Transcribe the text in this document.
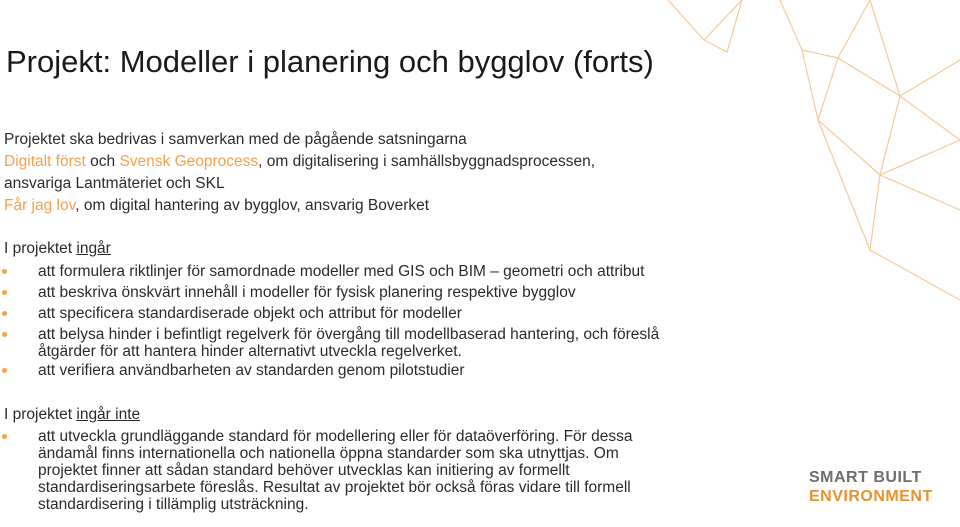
Projekt: Modeller i planering och bygglov (forts)
Projektet ska bedrivas i samverkan med de pågående satsningarna
Digitalt först och Svensk Geoprocess, om digitalisering i samhällsbyggnadsprocessen,
ansvariga Lantmäteriet och SKL
Får jag lov, om digital hantering av bygglov, ansvarig Boverket
I projektet ingår
att formulera riktlinjer för samordnade modeller med GIS och BIM – geometri och attribut
att beskriva önskvärt innehåll i modeller för fysisk planering respektive bygglov
att specificera standardiserade objekt och attribut för modeller
att belysa hinder i befintligt regelverk för övergång till modellbaserad hantering, och föreslå
åtgärder för att hantera hinder alternativt utveckla regelverket.
att verifiera användbarheten av standarden genom pilotstudier
I projektet ingår inte
att utveckla grundläggande standard för modellering eller för dataöverföring. För dessa
ändamål finns internationella och nationella öppna standarder som ska utnyttjas. Om
projektet finner att sådan standard behöver utvecklas kan initiering av formellt
standardiseringsarbete föreslås. Resultat av projektet bör också föras vidare till formell
standardisering i tillämplig utsträckning.
SMART BUILT
ENVIRONMENT
